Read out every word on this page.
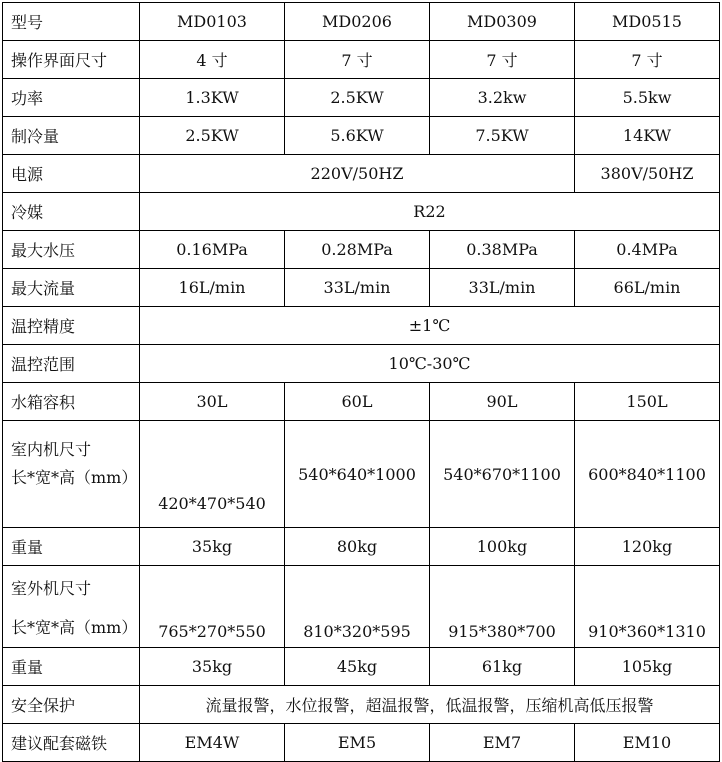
型号	MD0103	MD0206	MD0309	MD0515
操作界面尺寸	4 寸	7 寸	7 寸	7 寸
功率	1.3KW	2.5KW	3.2kw	5.5kw
制冷量	2.5KW	5.6KW	7.5KW	14KW
电源	220V/50HZ			380V/50HZ
冷媒	R22			
最大水压	0.16MPa	0.28MPa	0.38MPa	0.4MPa
最大流量	16L/min	33L/min	33L/min	66L/min
温控精度	±1℃			
温控范围	10℃-30℃			
水箱容积	30L	60L	90L	150L

室内机尺寸
长*宽*高（mm）	420*470*540	540*640*1000	540*670*1100	600*840*1100
重量	35kg	80kg	100kg	120kg

室外机尺寸
长*宽*高（mm）	765*270*550	810*320*595	915*380*700	910*360*1310
重量	35kg	45kg	61kg	105kg
安全保护	流量报警，水位报警，超温报警，低温报警，压缩机高低压报警			
建议配套磁铁	EM4W	EM5	EM7	EM10
